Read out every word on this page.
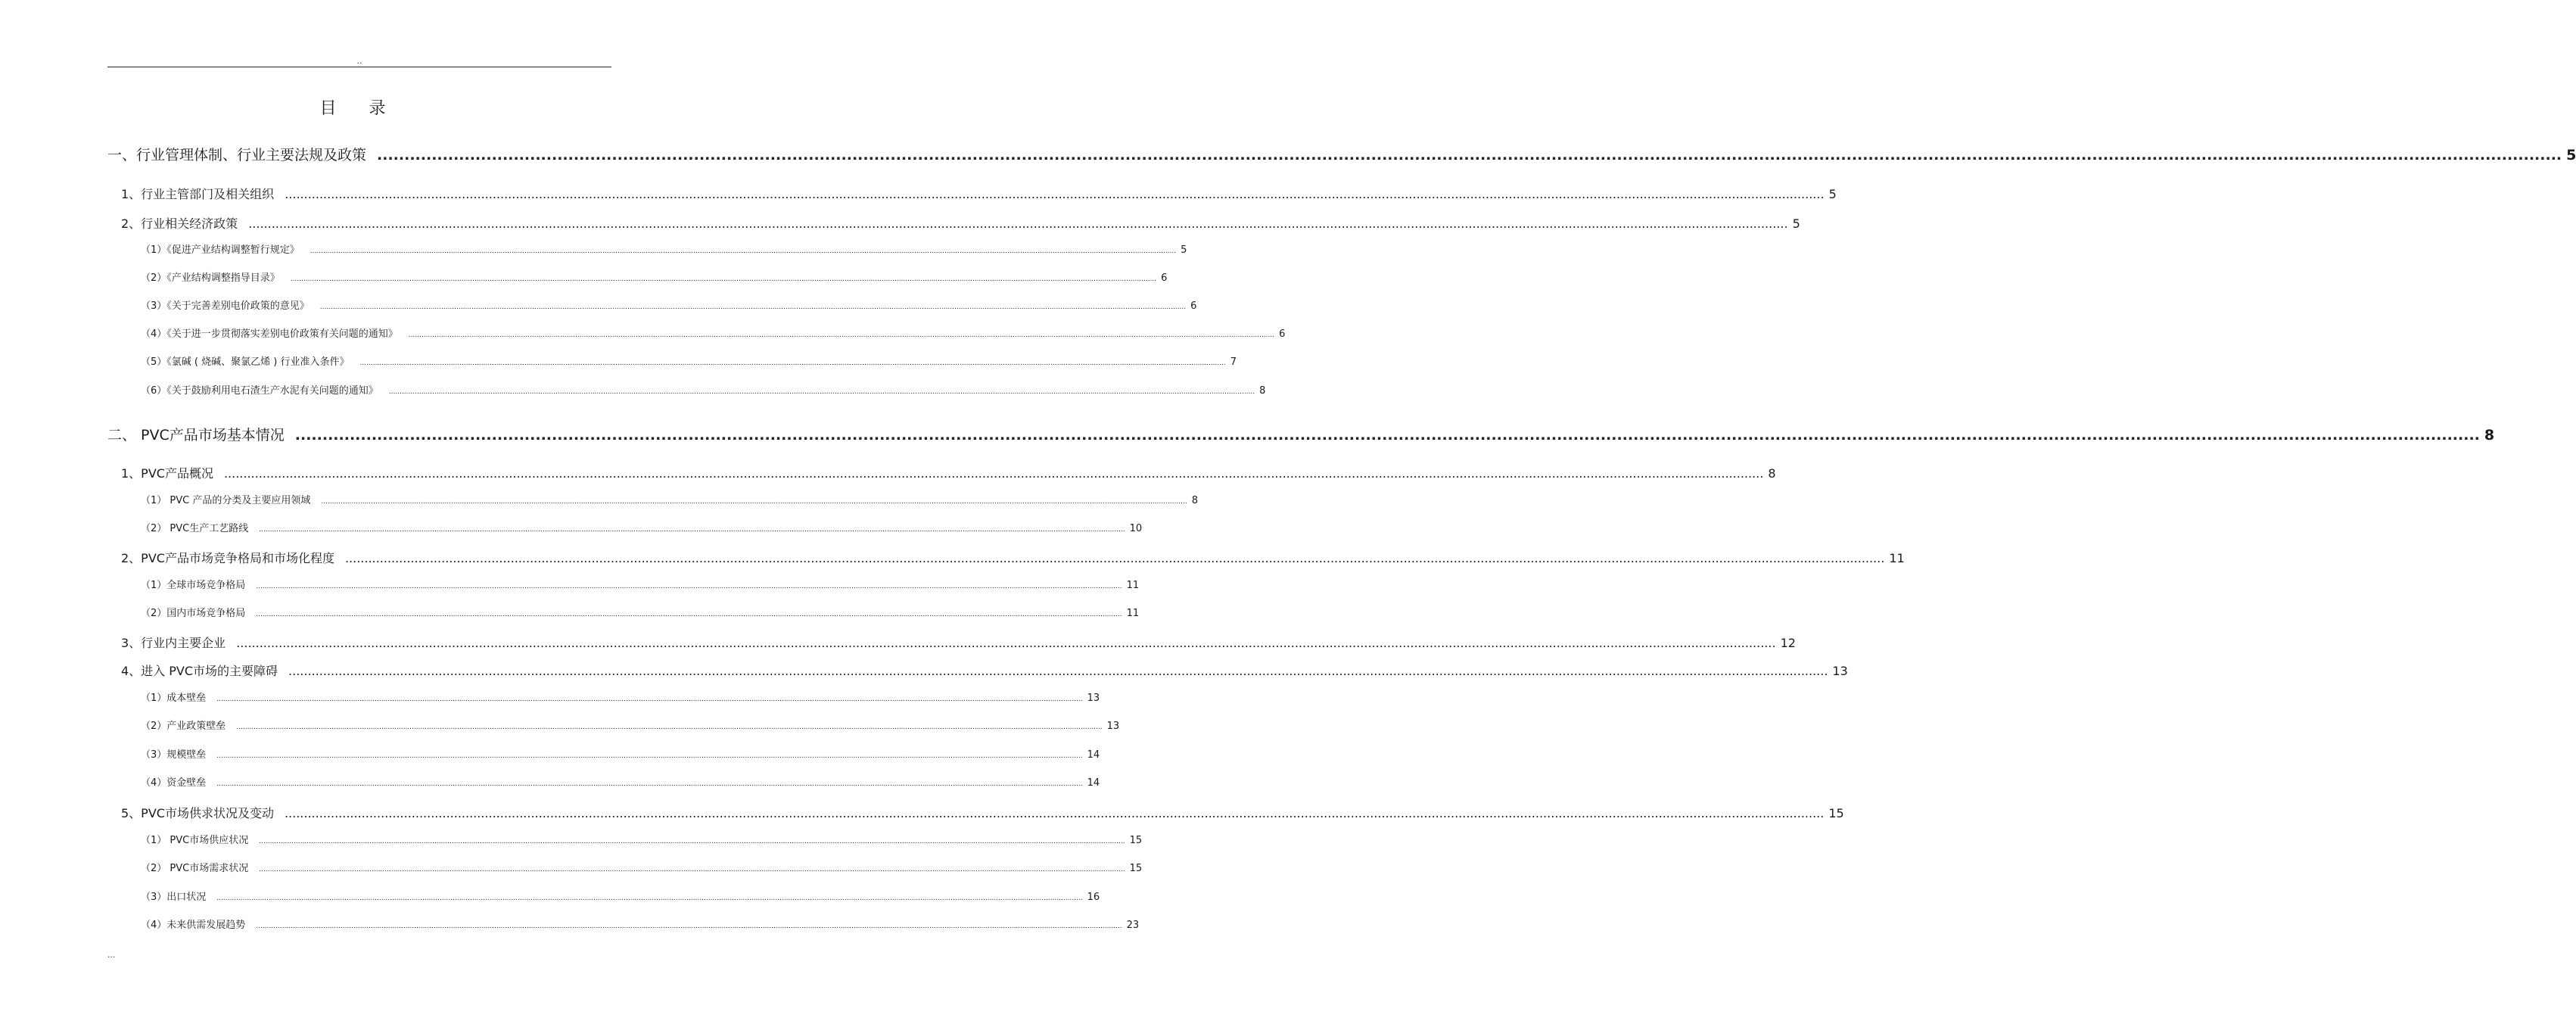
..
目 录
一、行业管理体制、行业主要法规及政策 ................................................................................................................................................................................................................................................................................................................................................................................................................ 5
1、行业主管部门及相关组织 ................................................................................................................................................................................................................................................................................................................................................................................................................ 5
2、行业相关经济政策 ................................................................................................................................................................................................................................................................................................................................................................................................................ 5
（1）《促进产业结构调整暂行规定》 ................................................................................................................................................................................................................................................................................................................................................................................................................ 5
（2）《产业结构调整指导目录》 ................................................................................................................................................................................................................................................................................................................................................................................................................ 6
（3）《关于完善差别电价政策的意见》 ................................................................................................................................................................................................................................................................................................................................................................................................................ 6
（4）《关于进一步贯彻落实差别电价政策有关问题的通知》 ................................................................................................................................................................................................................................................................................................................................................................................................................ 6
（5）《氯碱 ( 烧碱、聚氯乙烯 ) 行业准入条件》 ................................................................................................................................................................................................................................................................................................................................................................................................................ 7
（6）《关于鼓励利用电石渣生产水泥有关问题的通知》 ................................................................................................................................................................................................................................................................................................................................................................................................................ 8
二、 PVC产品市场基本情况 ................................................................................................................................................................................................................................................................................................................................................................................................................ 8
1、PVC产品概况 ................................................................................................................................................................................................................................................................................................................................................................................................................ 8
（1） PVC 产品的分类及主要应用领域 ................................................................................................................................................................................................................................................................................................................................................................................................................ 8
（2） PVC生产工艺路线 ................................................................................................................................................................................................................................................................................................................................................................................................................ 10
2、PVC产品市场竞争格局和市场化程度 ................................................................................................................................................................................................................................................................................................................................................................................................................ 11
（1）全球市场竞争格局 ................................................................................................................................................................................................................................................................................................................................................................................................................ 11
（2）国内市场竞争格局 ................................................................................................................................................................................................................................................................................................................................................................................................................ 11
3、行业内主要企业 ................................................................................................................................................................................................................................................................................................................................................................................................................ 12
4、进入 PVC市场的主要障碍 ................................................................................................................................................................................................................................................................................................................................................................................................................ 13
（1）成本壁垒 ................................................................................................................................................................................................................................................................................................................................................................................................................ 13
（2）产业政策壁垒 ................................................................................................................................................................................................................................................................................................................................................................................................................ 13
（3）规模壁垒 ................................................................................................................................................................................................................................................................................................................................................................................................................ 14
（4）资金壁垒 ................................................................................................................................................................................................................................................................................................................................................................................................................ 14
5、PVC市场供求状况及变动 ................................................................................................................................................................................................................................................................................................................................................................................................................ 15
（1） PVC市场供应状况 ................................................................................................................................................................................................................................................................................................................................................................................................................ 15
（2） PVC市场需求状况 ................................................................................................................................................................................................................................................................................................................................................................................................................ 15
（3）出口状况 ................................................................................................................................................................................................................................................................................................................................................................................................................ 16
（4）未来供需发展趋势 ................................................................................................................................................................................................................................................................................................................................................................................................................ 23
...
